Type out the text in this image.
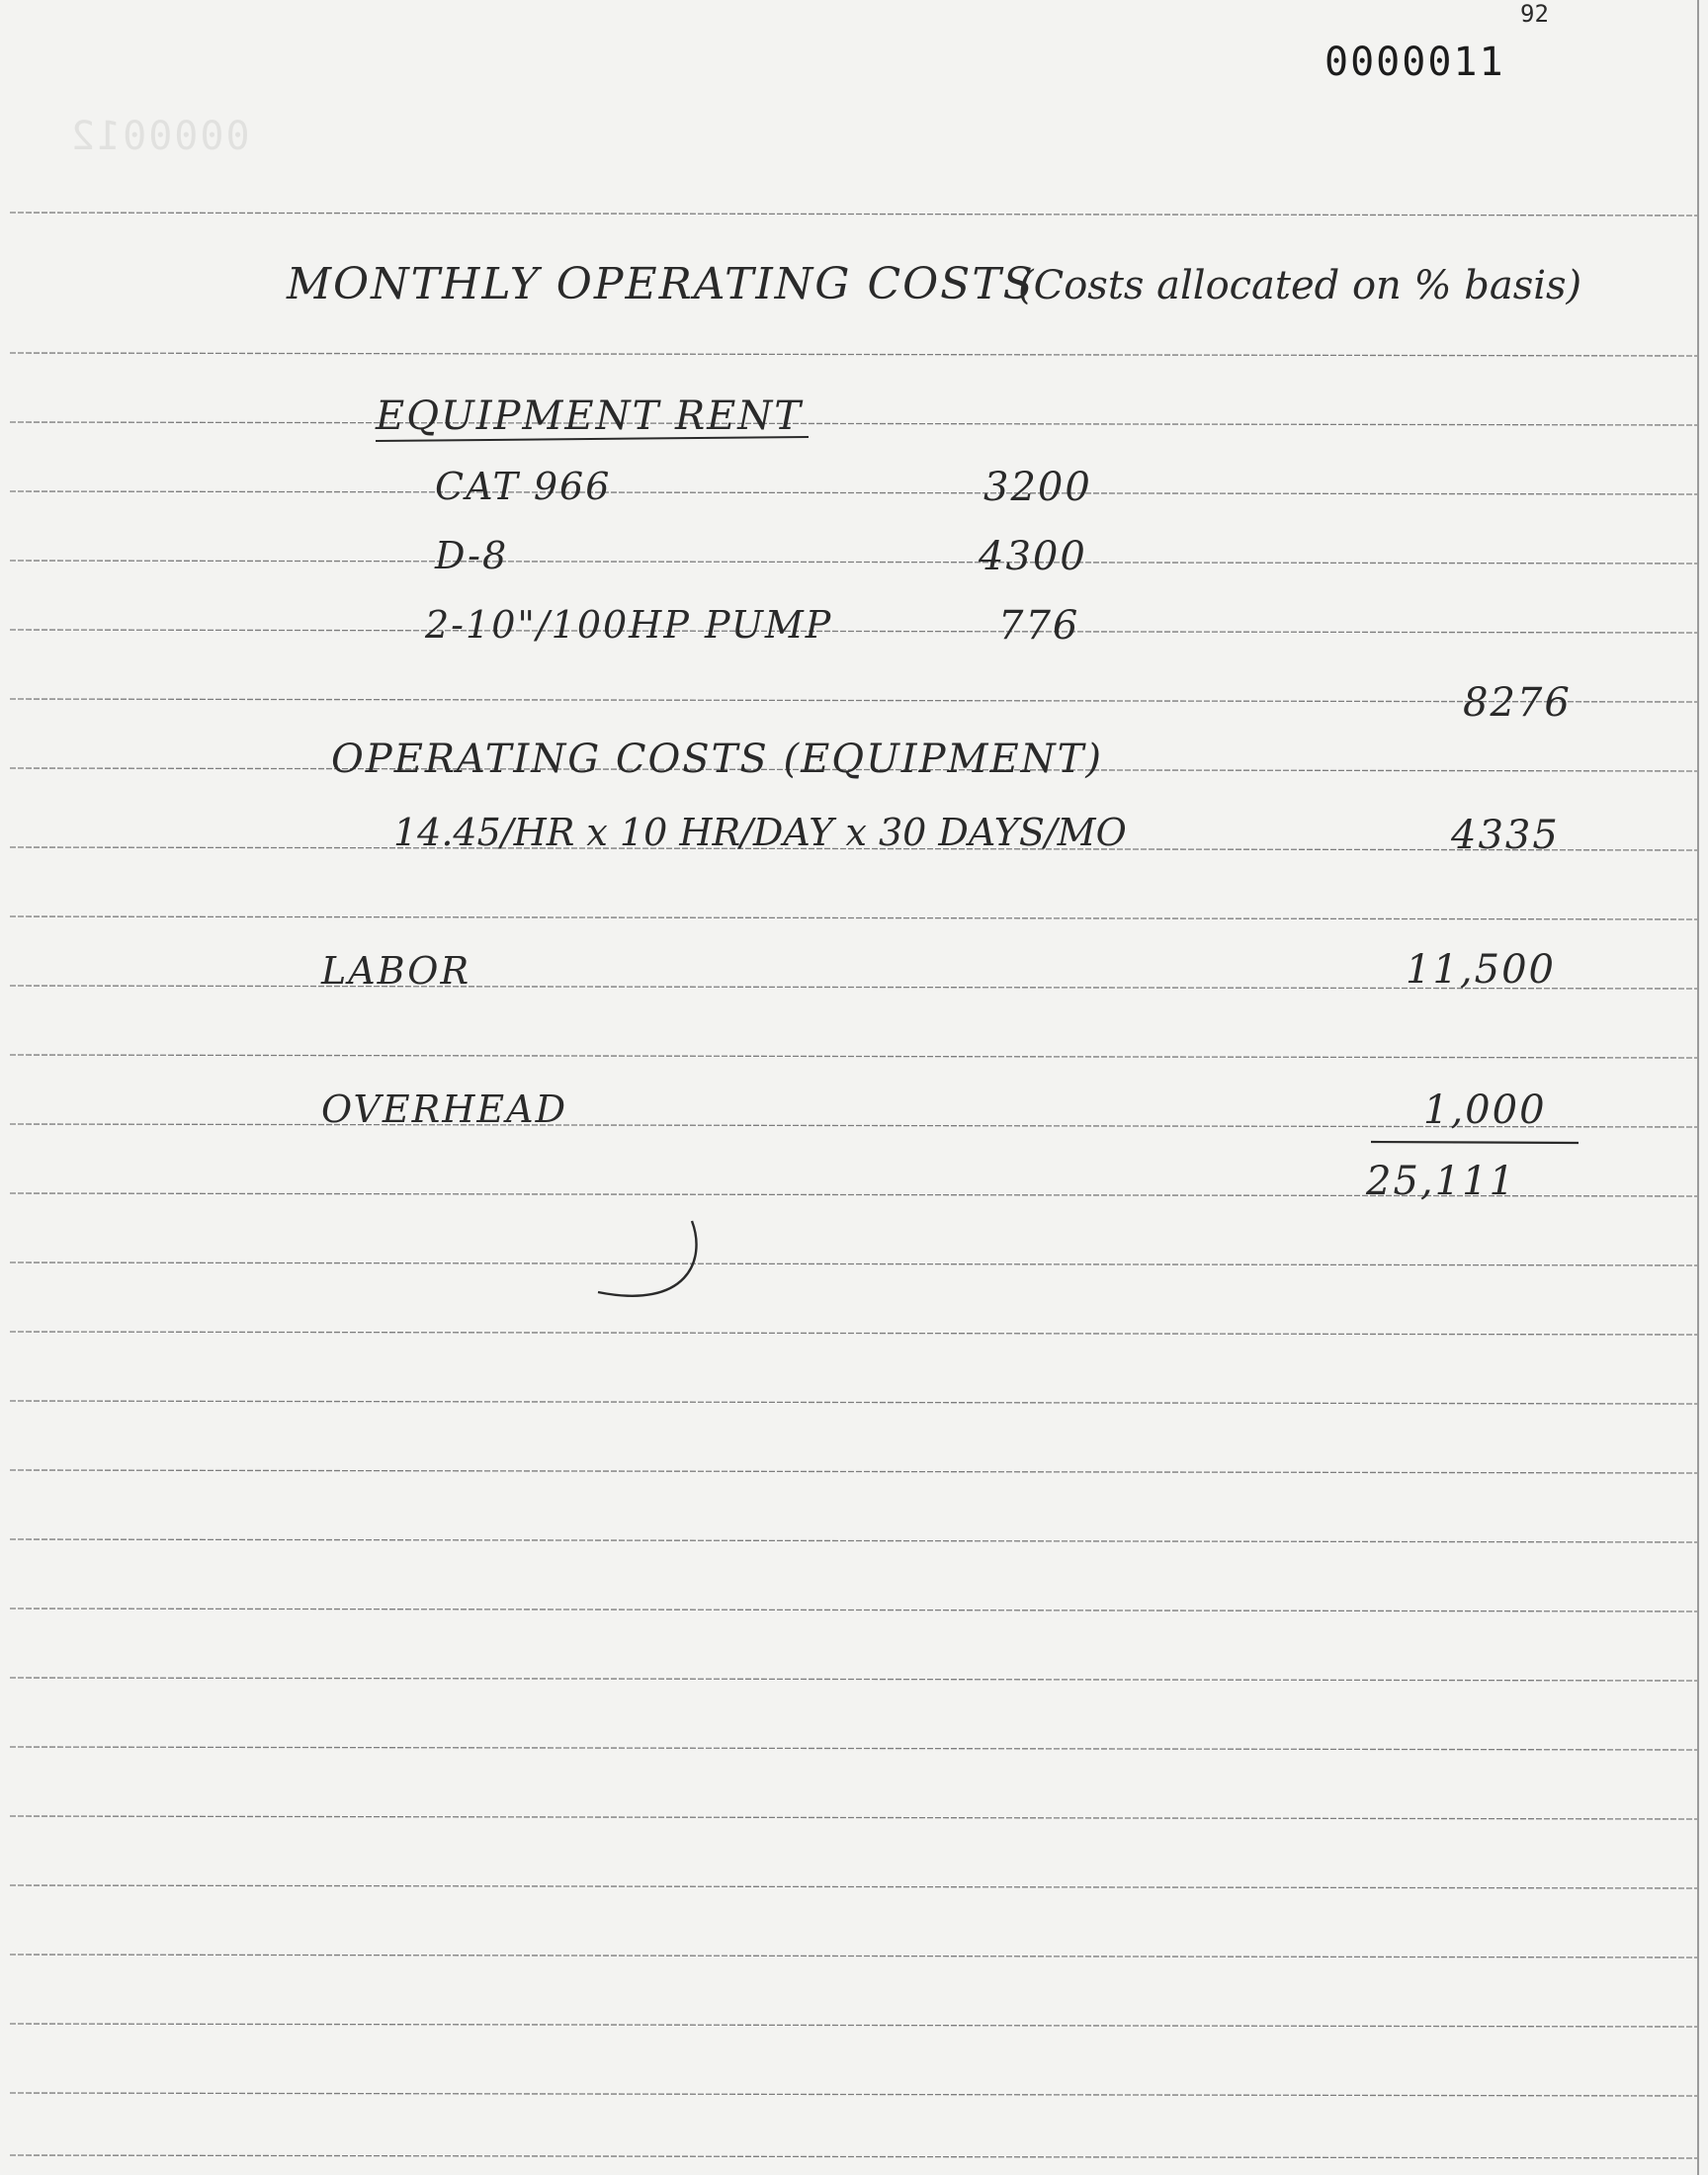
0000011
92
0000012
MONTHLY OPERATING COSTS
(Costs allocated on % basis)
EQUIPMENT RENT
CAT 966	3200
D-8	4300
2-10"/100HP PUMP	776
8276
OPERATING COSTS (EQUIPMENT)
14.45/HR x 10 HR/DAY x 30 DAYS/MO	4335
LABOR	11,500
OVERHEAD	1,000
25,111
